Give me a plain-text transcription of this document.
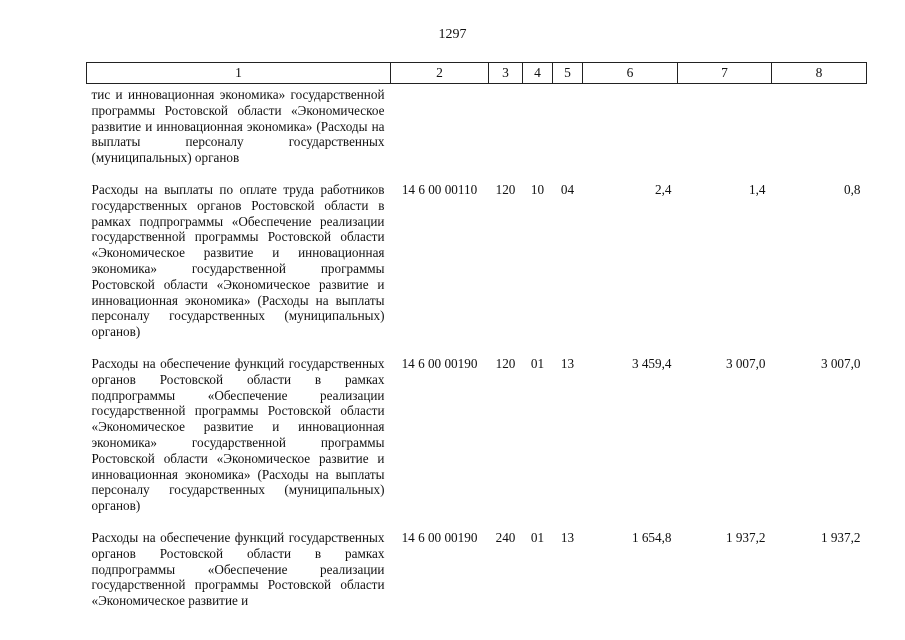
1297
1	2	3	4	5	6	7	8
тис и инновационная экономика» государственной программы Ростовской области «Экономическое развитие и инновационная экономика» (Расходы на выплаты персоналу государственных (муниципальных) органов							
Расходы на выплаты по оплате труда работников государственных органов Ростовской области в рамках подпрограммы «Обеспечение реализации государственной программы Ростовской области «Экономическое развитие и инновационная экономика» государственной программы Ростовской области «Экономическое развитие и инновационная экономика» (Расходы на выплаты персоналу государственных (муниципальных) органов)	14 6 00 00110	120	10	04	2,4	1,4	0,8
Расходы на обеспечение функций государственных органов Ростовской области в рамках подпрограммы «Обеспечение реализации государственной программы Ростовской области «Экономическое развитие и инновационная экономика» государственной программы Ростовской области «Экономическое развитие и инновационная экономика» (Расходы на выплаты персоналу государственных (муниципальных) органов)	14 6 00 00190	120	01	13	3 459,4	3 007,0	3 007,0
Расходы на обеспечение функций государственных органов Ростовской области в рамках подпрограммы «Обеспечение реализации государственной программы Ростовской области «Экономическое развитие и	14 6 00 00190	240	01	13	1 654,8	1 937,2	1 937,2
